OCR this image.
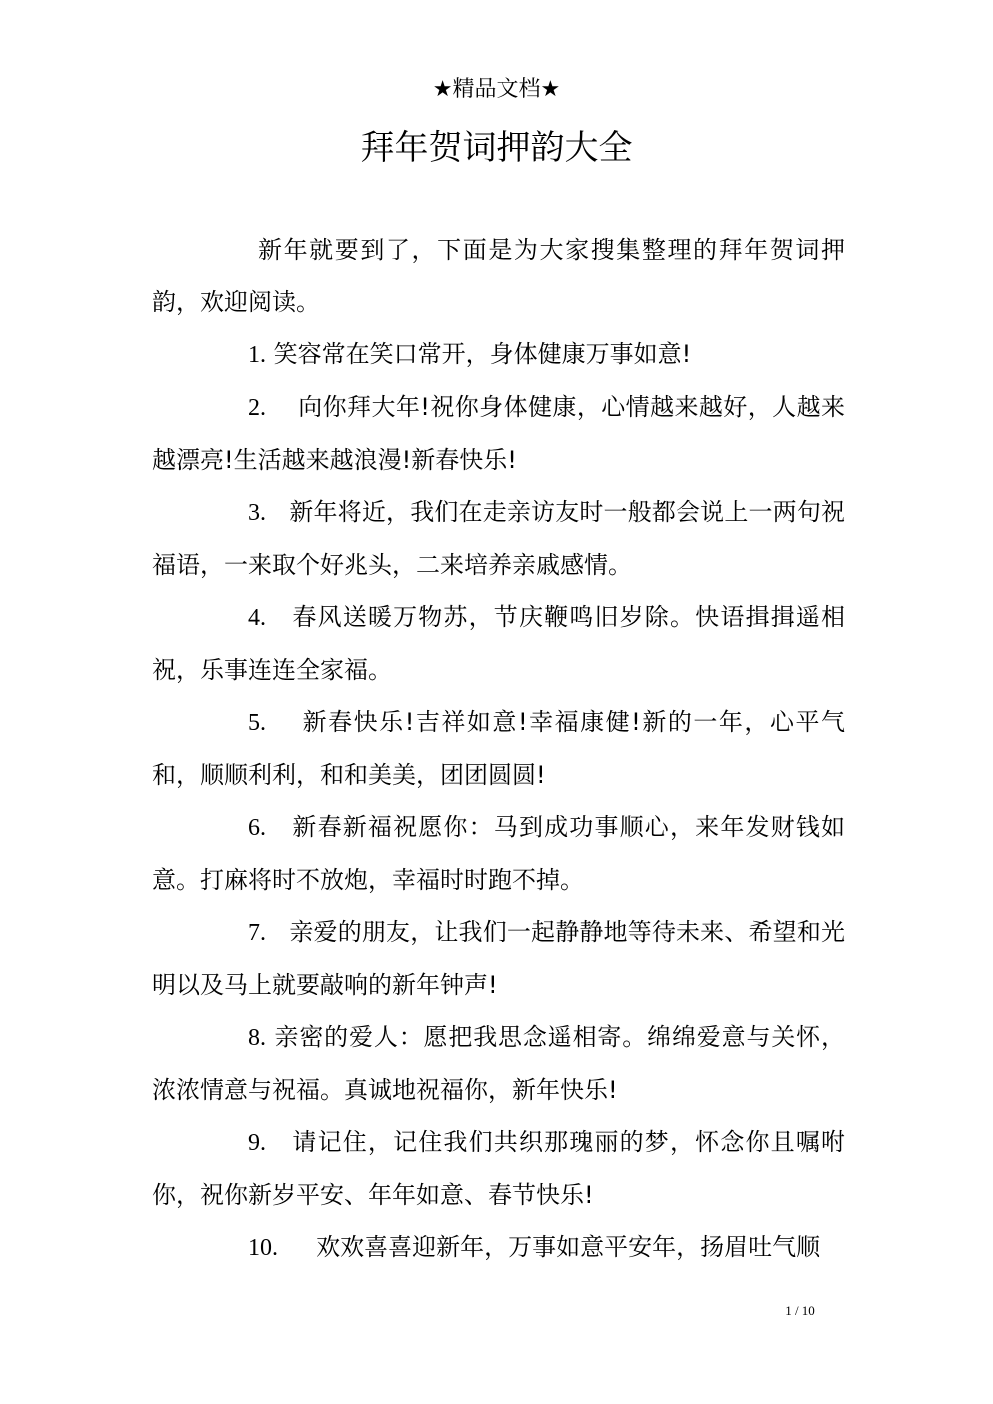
★精品文档★
拜年贺词押韵大全

新年就要到了，下面是为大家搜集整理的拜年贺词押韵，欢迎阅读。

1. 笑容常在笑口常开，身体健康万事如意!

2. 向你拜大年!祝你身体健康，心情越来越好，人越来越漂亮!生活越来越浪漫!新春快乐!

3. 新年将近，我们在走亲访友时一般都会说上一两句祝福语，一来取个好兆头，二来培养亲戚感情。

4. 春风送暖万物苏，节庆鞭鸣旧岁除。快语揖揖遥相祝，乐事连连全家福。

5. 新春快乐!吉祥如意!幸福康健!新的一年，心平气和，顺顺利利，和和美美，团团圆圆!

6. 新春新福祝愿你：马到成功事顺心，来年发财钱如意。打麻将时不放炮，幸福时时跑不掉。

7. 亲爱的朋友，让我们一起静静地等待未来、希望和光明以及马上就要敲响的新年钟声!

8. 亲密的爱人：愿把我思念遥相寄。绵绵爱意与关怀，浓浓情意与祝福。真诚地祝福你，新年快乐!

9. 请记住，记住我们共织那瑰丽的梦，怀念你且嘱咐你，祝你新岁平安、年年如意、春节快乐!

10. 欢欢喜喜迎新年，万事如意平安年，扬眉吐气顺

1 / 10
